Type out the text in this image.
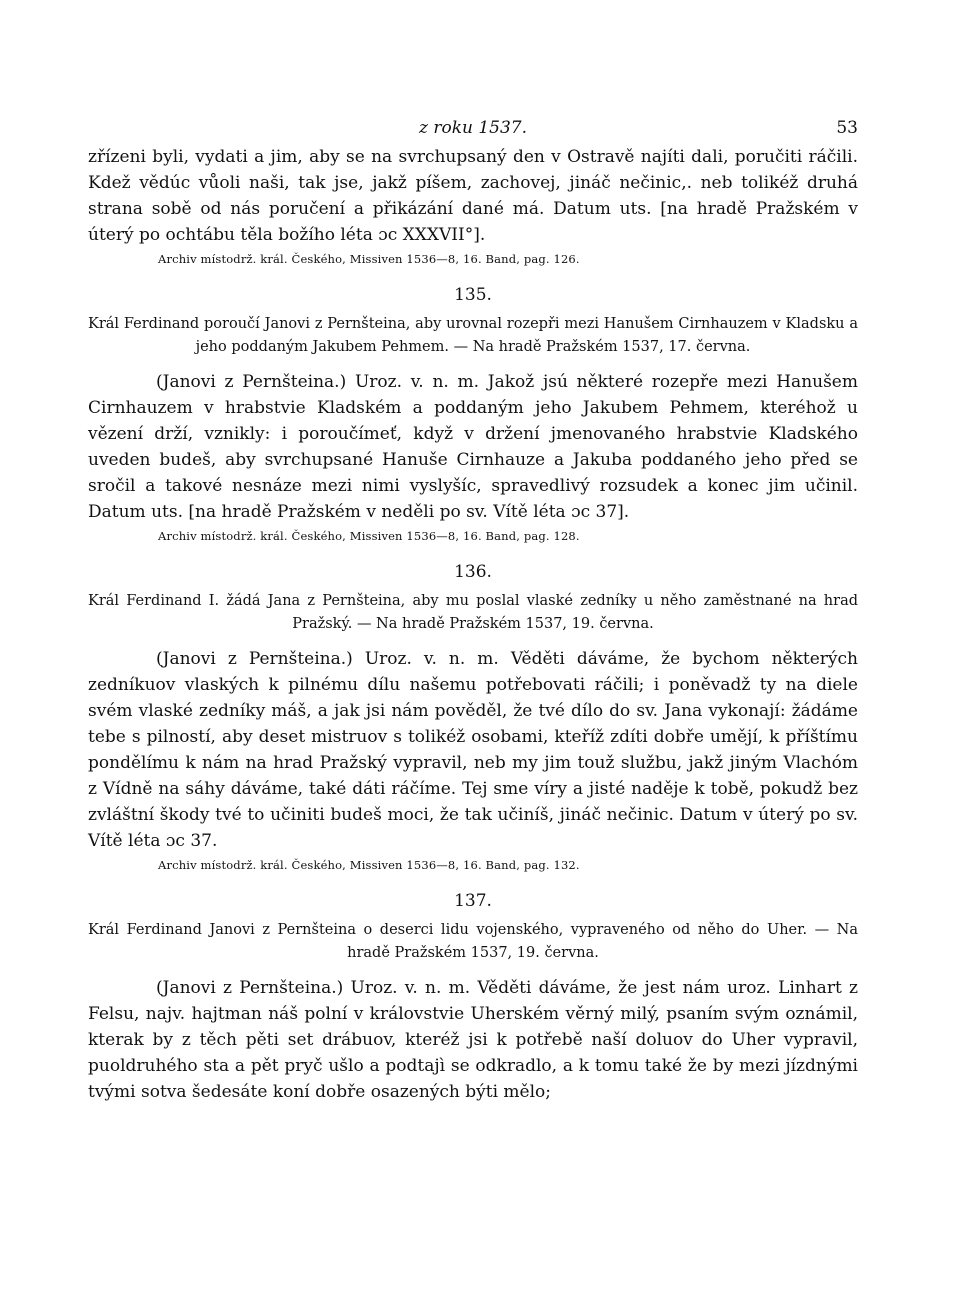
z roku 1537.	53

zřízeni byli, vydati a jim, aby se na svrchupsaný den v Ostravě najíti dali, poručiti ráčili. Kdež vědúc vůoli naši, tak jse, jakž píšem, zachovej, jináč nečinic,. neb tolikéž druhá strana sobě od nás poručení a přikázání dané má. Datum uts. [na hradě Pražském v úterý po ochtábu těla božího léta ɔc XXXVII°].

Archiv místodrž. král. Českého, Missiven 1536—8, 16. Band, pag. 126.
135.

Král Ferdinand poroučí Janovi z Pernšteina, aby urovnal rozepři mezi Hanušem Cirnhauzem v Kladsku a jeho poddaným Jakubem Pehmem. — Na hradě Pražském 1537, 17. června.

(Janovi z Pernšteina.) Uroz. v. n. m. Jakož jsú některé rozepře mezi Hanušem Cirnhauzem v hrabstvie Kladském a poddaným jeho Jakubem Pehmem, kteréhož u vězení drží, vznikly: i poroučímeť, když v držení jmenovaného hrabstvie Kladského uveden budeš, aby svrchupsané Hanuše Cirnhauze a Jakuba poddaného jeho před se sročil a takové nesnáze mezi nimi vyslyšíc, spravedlivý rozsudek a konec jim učinil. Datum uts. [na hradě Pražském v neděli po sv. Vítě léta ɔc 37].

Archiv místodrž. král. Českého, Missiven 1536—8, 16. Band, pag. 128.
136.

Král Ferdinand I. žádá Jana z Pernšteina, aby mu poslal vlaské zedníky u něho zaměstnané na hrad Pražský. — Na hradě Pražském 1537, 19. června.

(Janovi z Pernšteina.) Uroz. v. n. m. Věděti dáváme, že bychom některých zedníkuov vlaských k pilnému dílu našemu potřebovati ráčili; i poněvadž ty na diele svém vlaské zedníky máš, a jak jsi nám pověděl, že tvé dílo do sv. Jana vykonají: žádáme tebe s pilností, aby deset mistruov s tolikéž osobami, kteříž zdíti dobře umějí, k příštímu pondělímu k nám na hrad Pražský vypravil, neb my jim touž službu, jakž jiným Vlachóm z Vídně na sáhy dáváme, také dáti ráčíme. Tej sme víry a jisté naděje k tobě, pokudž bez zvláštní škody tvé to učiniti budeš moci, že tak učiníš, jináč nečinic. Datum v úterý po sv. Vítě léta ɔc 37.

Archiv místodrž. král. Českého, Missiven 1536—8, 16. Band, pag. 132.
137.

Král Ferdinand Janovi z Pernšteina o deserci lidu vojenského, vypraveného od něho do Uher. — Na hradě Pražském 1537, 19. června.

(Janovi z Pernšteina.) Uroz. v. n. m. Věděti dáváme, že jest nám uroz. Linhart z Felsu, najv. hajtman náš polní v královstvie Uherském věrný milý, psaním svým oznámil, kterak by z těch pěti set drábuov, kteréž jsi k potřebě naší doluov do Uher vypravil, puoldruhého sta a pět pryč ušlo a podtajì se odkradlo, a k tomu také že by mezi jízdnými tvými sotva šedesáte koní dobře osazených býti mělo;
